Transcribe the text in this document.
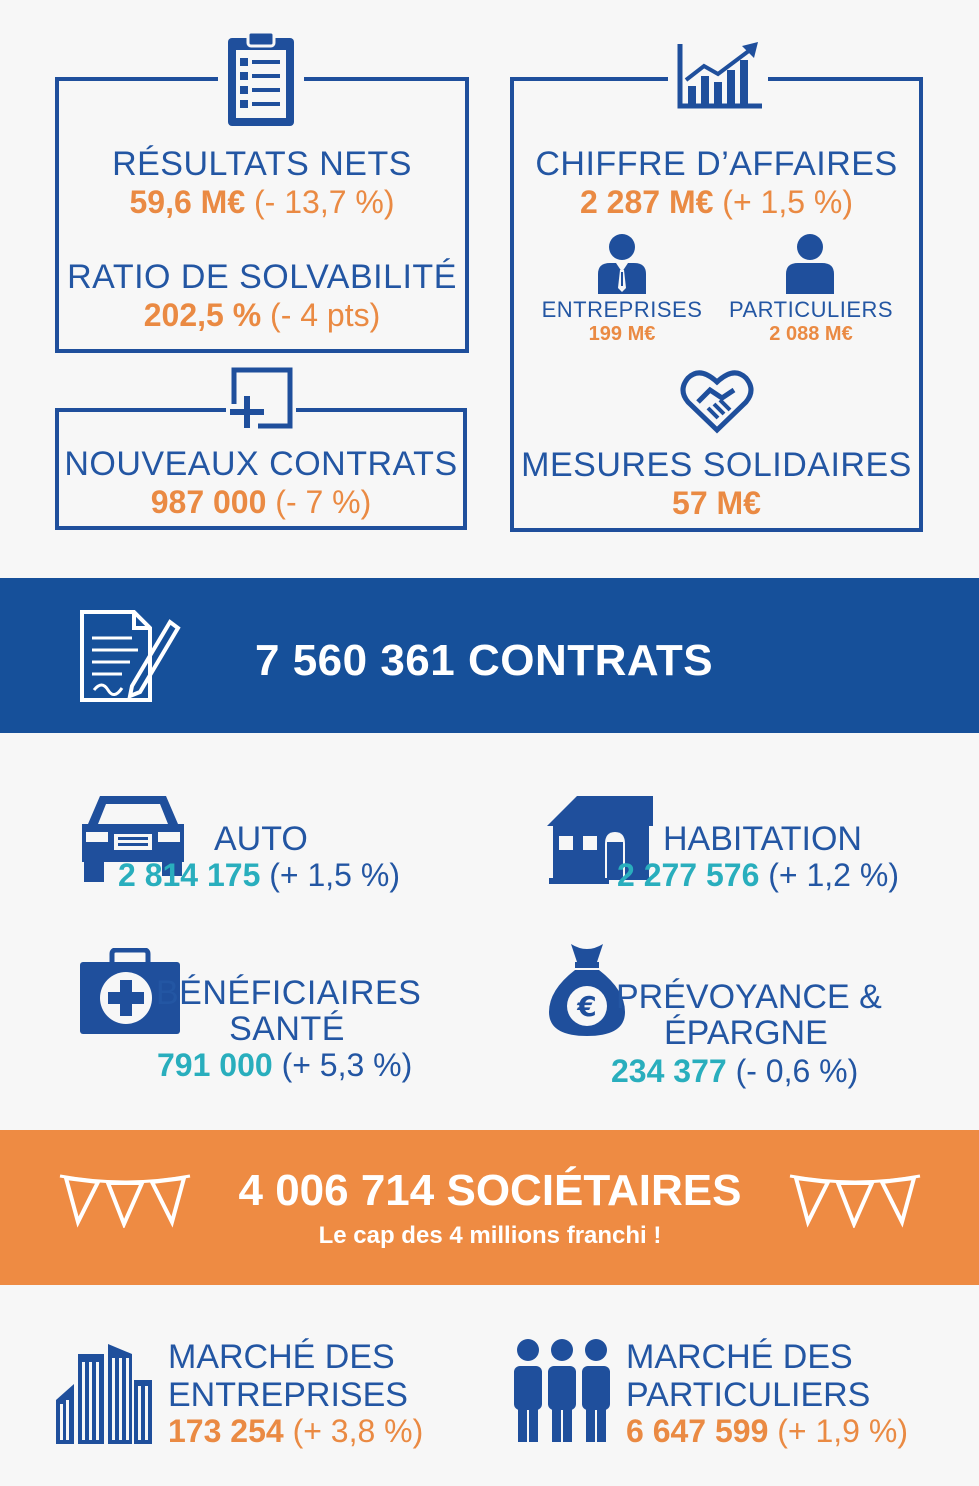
RÉSULTATS NETS
59,6 M€ (- 13,7 %)
RATIO DE SOLVABILITÉ
202,5 % (- 4 pts)
NOUVEAUX CONTRATS
987 000 (- 7 %)
CHIFFRE D’AFFAIRES
2 287 M€ (+ 1,5 %)
ENTREPRISES
199 M€
PARTICULIERS
2 088 M€
MESURES SOLIDAIRES
57 M€
7 560 361 CONTRATS
AUTO
2 814 175 (+ 1,5 %)
HABITATION
2 277 576 (+ 1,2 %)
BÉNÉFICIAIRES
SANTÉ
791 000 (+ 5,3 %)
€ PRÉVOYANCE &
ÉPARGNE
234 377 (- 0,6 %)
4 006 714 SOCIÉTAIRES
Le cap des 4 millions franchi !
MARCHÉ DES
ENTREPRISES
173 254 (+ 3,8 %)
MARCHÉ DES
PARTICULIERS
6 647 599 (+ 1,9 %)
